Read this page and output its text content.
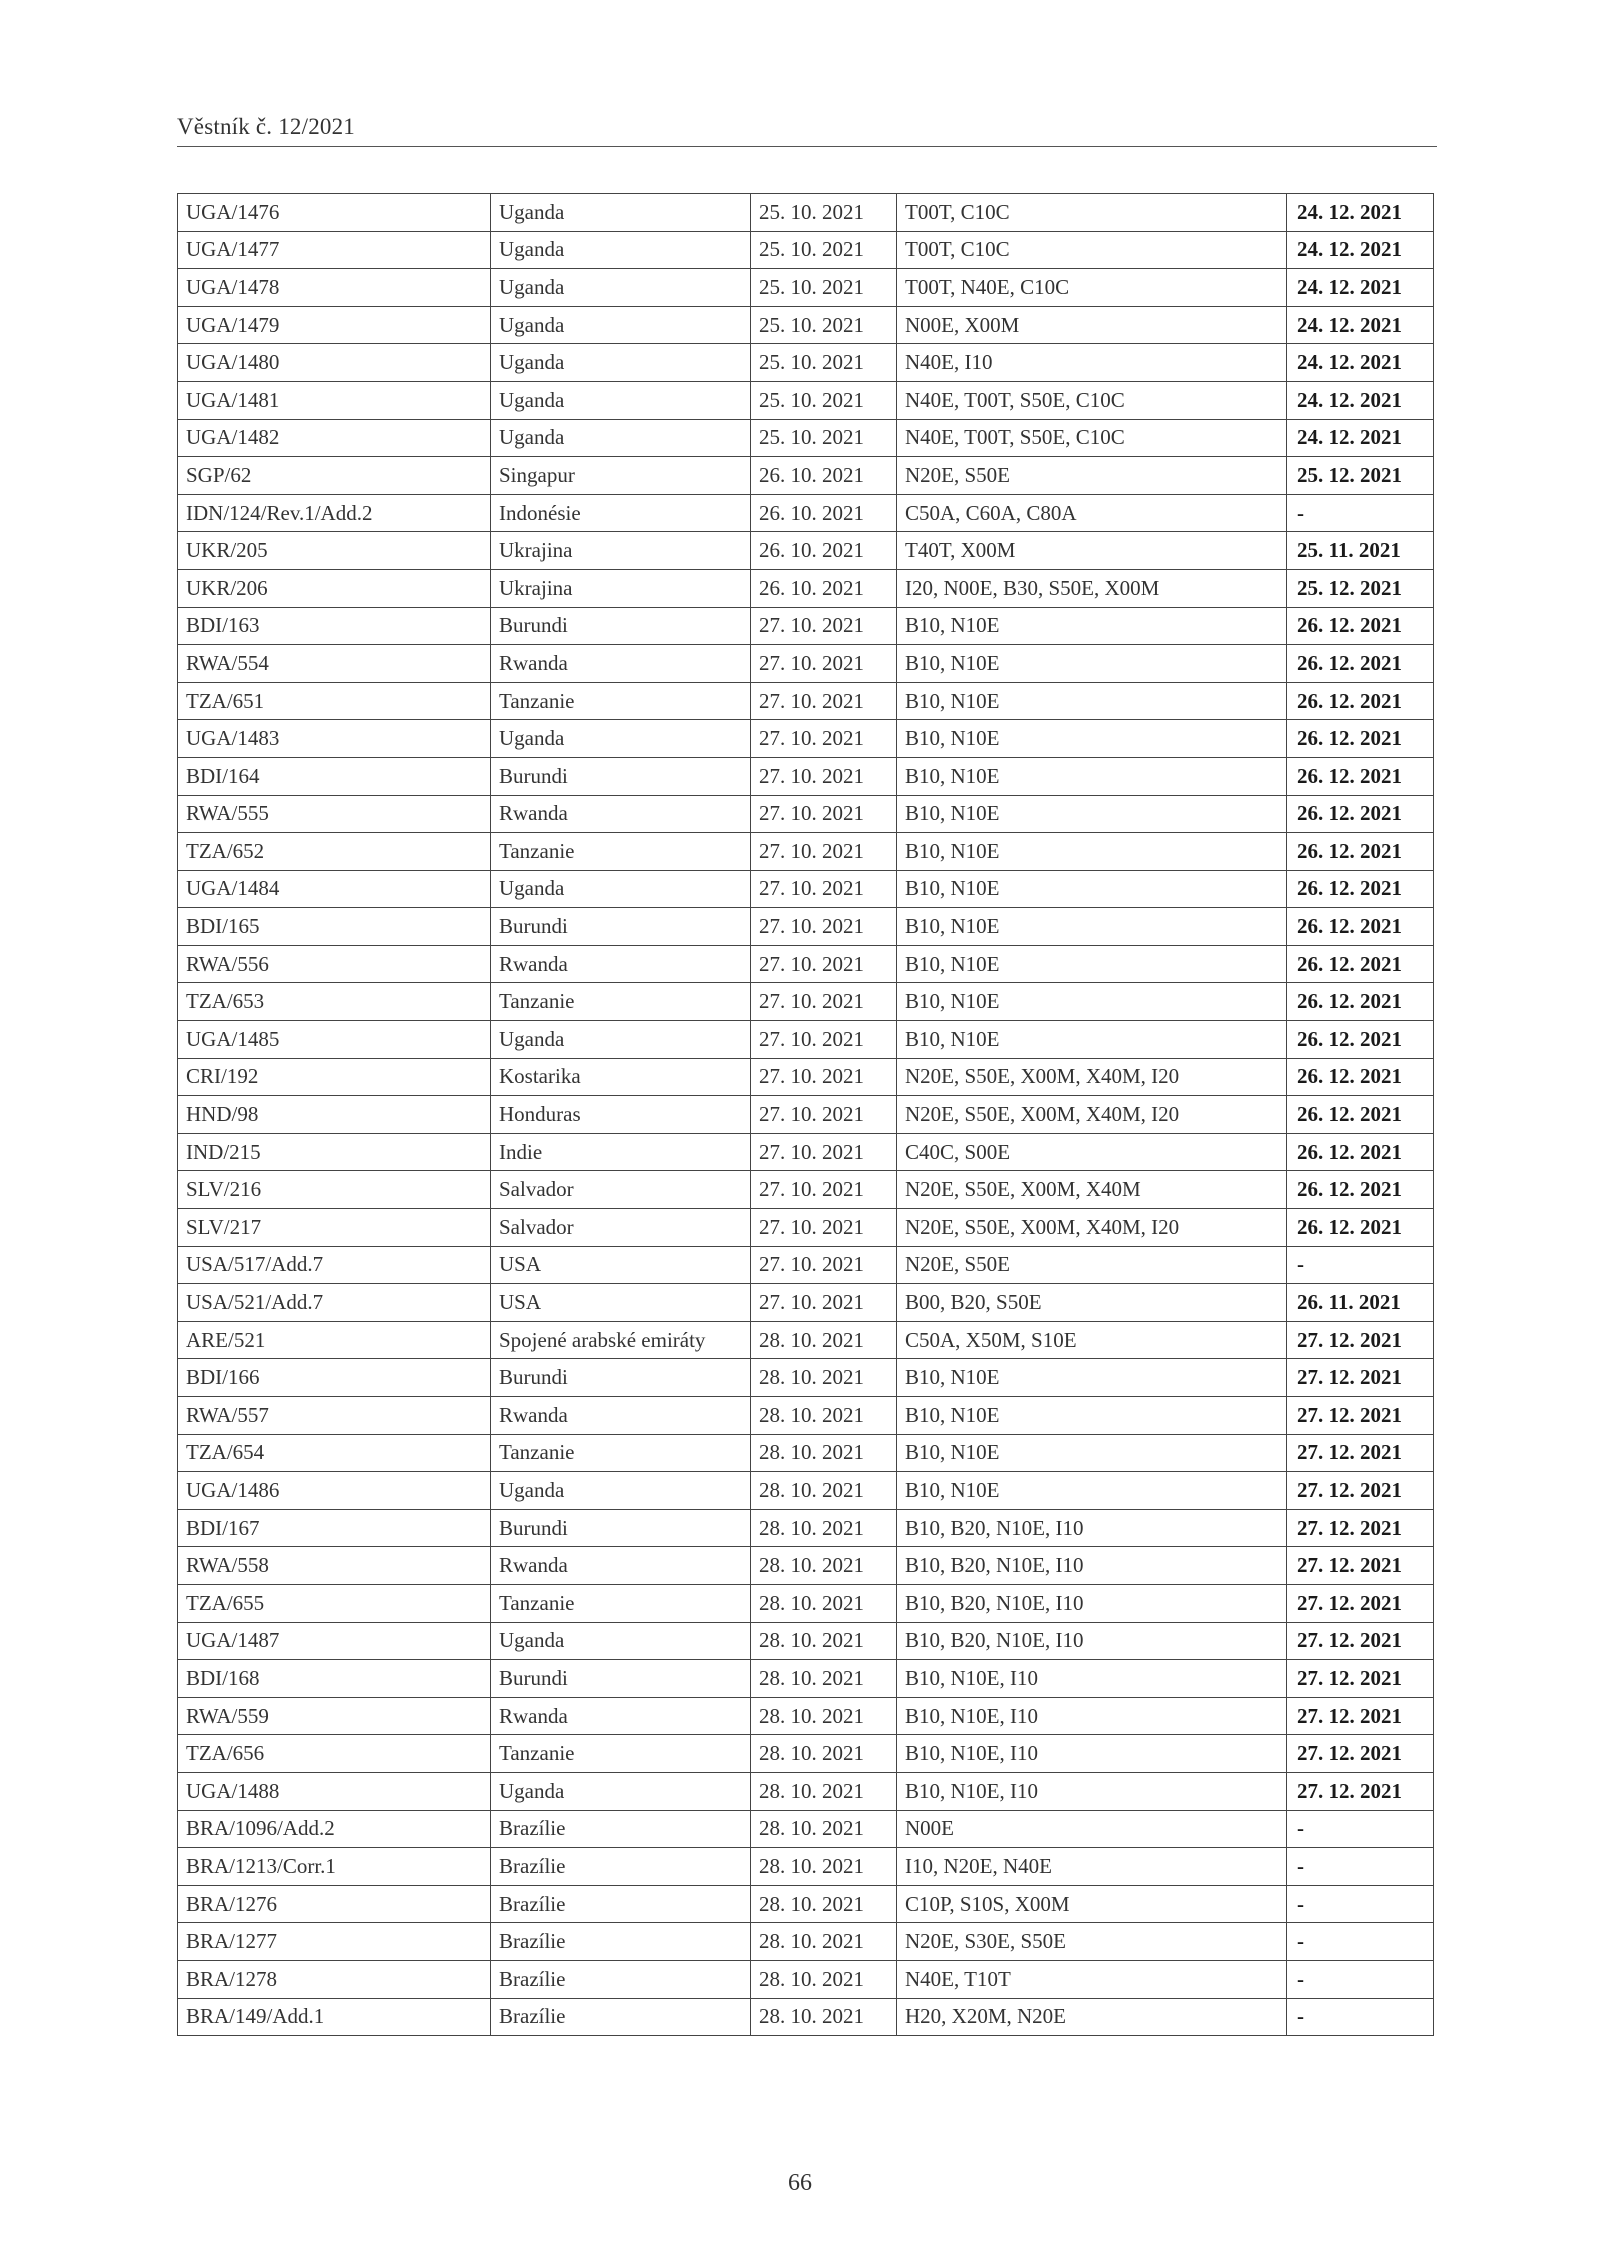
Věstník č. 12/2021
UGA/1476	Uganda	25. 10. 2021	T00T, C10C	24. 12. 2021
UGA/1477	Uganda	25. 10. 2021	T00T, C10C	24. 12. 2021
UGA/1478	Uganda	25. 10. 2021	T00T, N40E, C10C	24. 12. 2021
UGA/1479	Uganda	25. 10. 2021	N00E, X00M	24. 12. 2021
UGA/1480	Uganda	25. 10. 2021	N40E, I10	24. 12. 2021
UGA/1481	Uganda	25. 10. 2021	N40E, T00T, S50E, C10C	24. 12. 2021
UGA/1482	Uganda	25. 10. 2021	N40E, T00T, S50E, C10C	24. 12. 2021
SGP/62	Singapur	26. 10. 2021	N20E, S50E	25. 12. 2021
IDN/124/Rev.1/Add.2	Indonésie	26. 10. 2021	C50A, C60A, C80A	-
UKR/205	Ukrajina	26. 10. 2021	T40T, X00M	25. 11. 2021
UKR/206	Ukrajina	26. 10. 2021	I20, N00E, B30, S50E, X00M	25. 12. 2021
BDI/163	Burundi	27. 10. 2021	B10, N10E	26. 12. 2021
RWA/554	Rwanda	27. 10. 2021	B10, N10E	26. 12. 2021
TZA/651	Tanzanie	27. 10. 2021	B10, N10E	26. 12. 2021
UGA/1483	Uganda	27. 10. 2021	B10, N10E	26. 12. 2021
BDI/164	Burundi	27. 10. 2021	B10, N10E	26. 12. 2021
RWA/555	Rwanda	27. 10. 2021	B10, N10E	26. 12. 2021
TZA/652	Tanzanie	27. 10. 2021	B10, N10E	26. 12. 2021
UGA/1484	Uganda	27. 10. 2021	B10, N10E	26. 12. 2021
BDI/165	Burundi	27. 10. 2021	B10, N10E	26. 12. 2021
RWA/556	Rwanda	27. 10. 2021	B10, N10E	26. 12. 2021
TZA/653	Tanzanie	27. 10. 2021	B10, N10E	26. 12. 2021
UGA/1485	Uganda	27. 10. 2021	B10, N10E	26. 12. 2021
CRI/192	Kostarika	27. 10. 2021	N20E, S50E, X00M, X40M, I20	26. 12. 2021
HND/98	Honduras	27. 10. 2021	N20E, S50E, X00M, X40M, I20	26. 12. 2021
IND/215	Indie	27. 10. 2021	C40C, S00E	26. 12. 2021
SLV/216	Salvador	27. 10. 2021	N20E, S50E, X00M, X40M	26. 12. 2021
SLV/217	Salvador	27. 10. 2021	N20E, S50E, X00M, X40M, I20	26. 12. 2021
USA/517/Add.7	USA	27. 10. 2021	N20E, S50E	-
USA/521/Add.7	USA	27. 10. 2021	B00, B20, S50E	26. 11. 2021
ARE/521	Spojené arabské emiráty	28. 10. 2021	C50A, X50M, S10E	27. 12. 2021
BDI/166	Burundi	28. 10. 2021	B10, N10E	27. 12. 2021
RWA/557	Rwanda	28. 10. 2021	B10, N10E	27. 12. 2021
TZA/654	Tanzanie	28. 10. 2021	B10, N10E	27. 12. 2021
UGA/1486	Uganda	28. 10. 2021	B10, N10E	27. 12. 2021
BDI/167	Burundi	28. 10. 2021	B10, B20, N10E, I10	27. 12. 2021
RWA/558	Rwanda	28. 10. 2021	B10, B20, N10E, I10	27. 12. 2021
TZA/655	Tanzanie	28. 10. 2021	B10, B20, N10E, I10	27. 12. 2021
UGA/1487	Uganda	28. 10. 2021	B10, B20, N10E, I10	27. 12. 2021
BDI/168	Burundi	28. 10. 2021	B10, N10E, I10	27. 12. 2021
RWA/559	Rwanda	28. 10. 2021	B10, N10E, I10	27. 12. 2021
TZA/656	Tanzanie	28. 10. 2021	B10, N10E, I10	27. 12. 2021
UGA/1488	Uganda	28. 10. 2021	B10, N10E, I10	27. 12. 2021
BRA/1096/Add.2	Brazílie	28. 10. 2021	N00E	-
BRA/1213/Corr.1	Brazílie	28. 10. 2021	I10, N20E, N40E	-
BRA/1276	Brazílie	28. 10. 2021	C10P, S10S, X00M	-
BRA/1277	Brazílie	28. 10. 2021	N20E, S30E, S50E	-
BRA/1278	Brazílie	28. 10. 2021	N40E, T10T	-
BRA/149/Add.1	Brazílie	28. 10. 2021	H20, X20M, N20E	-
66
